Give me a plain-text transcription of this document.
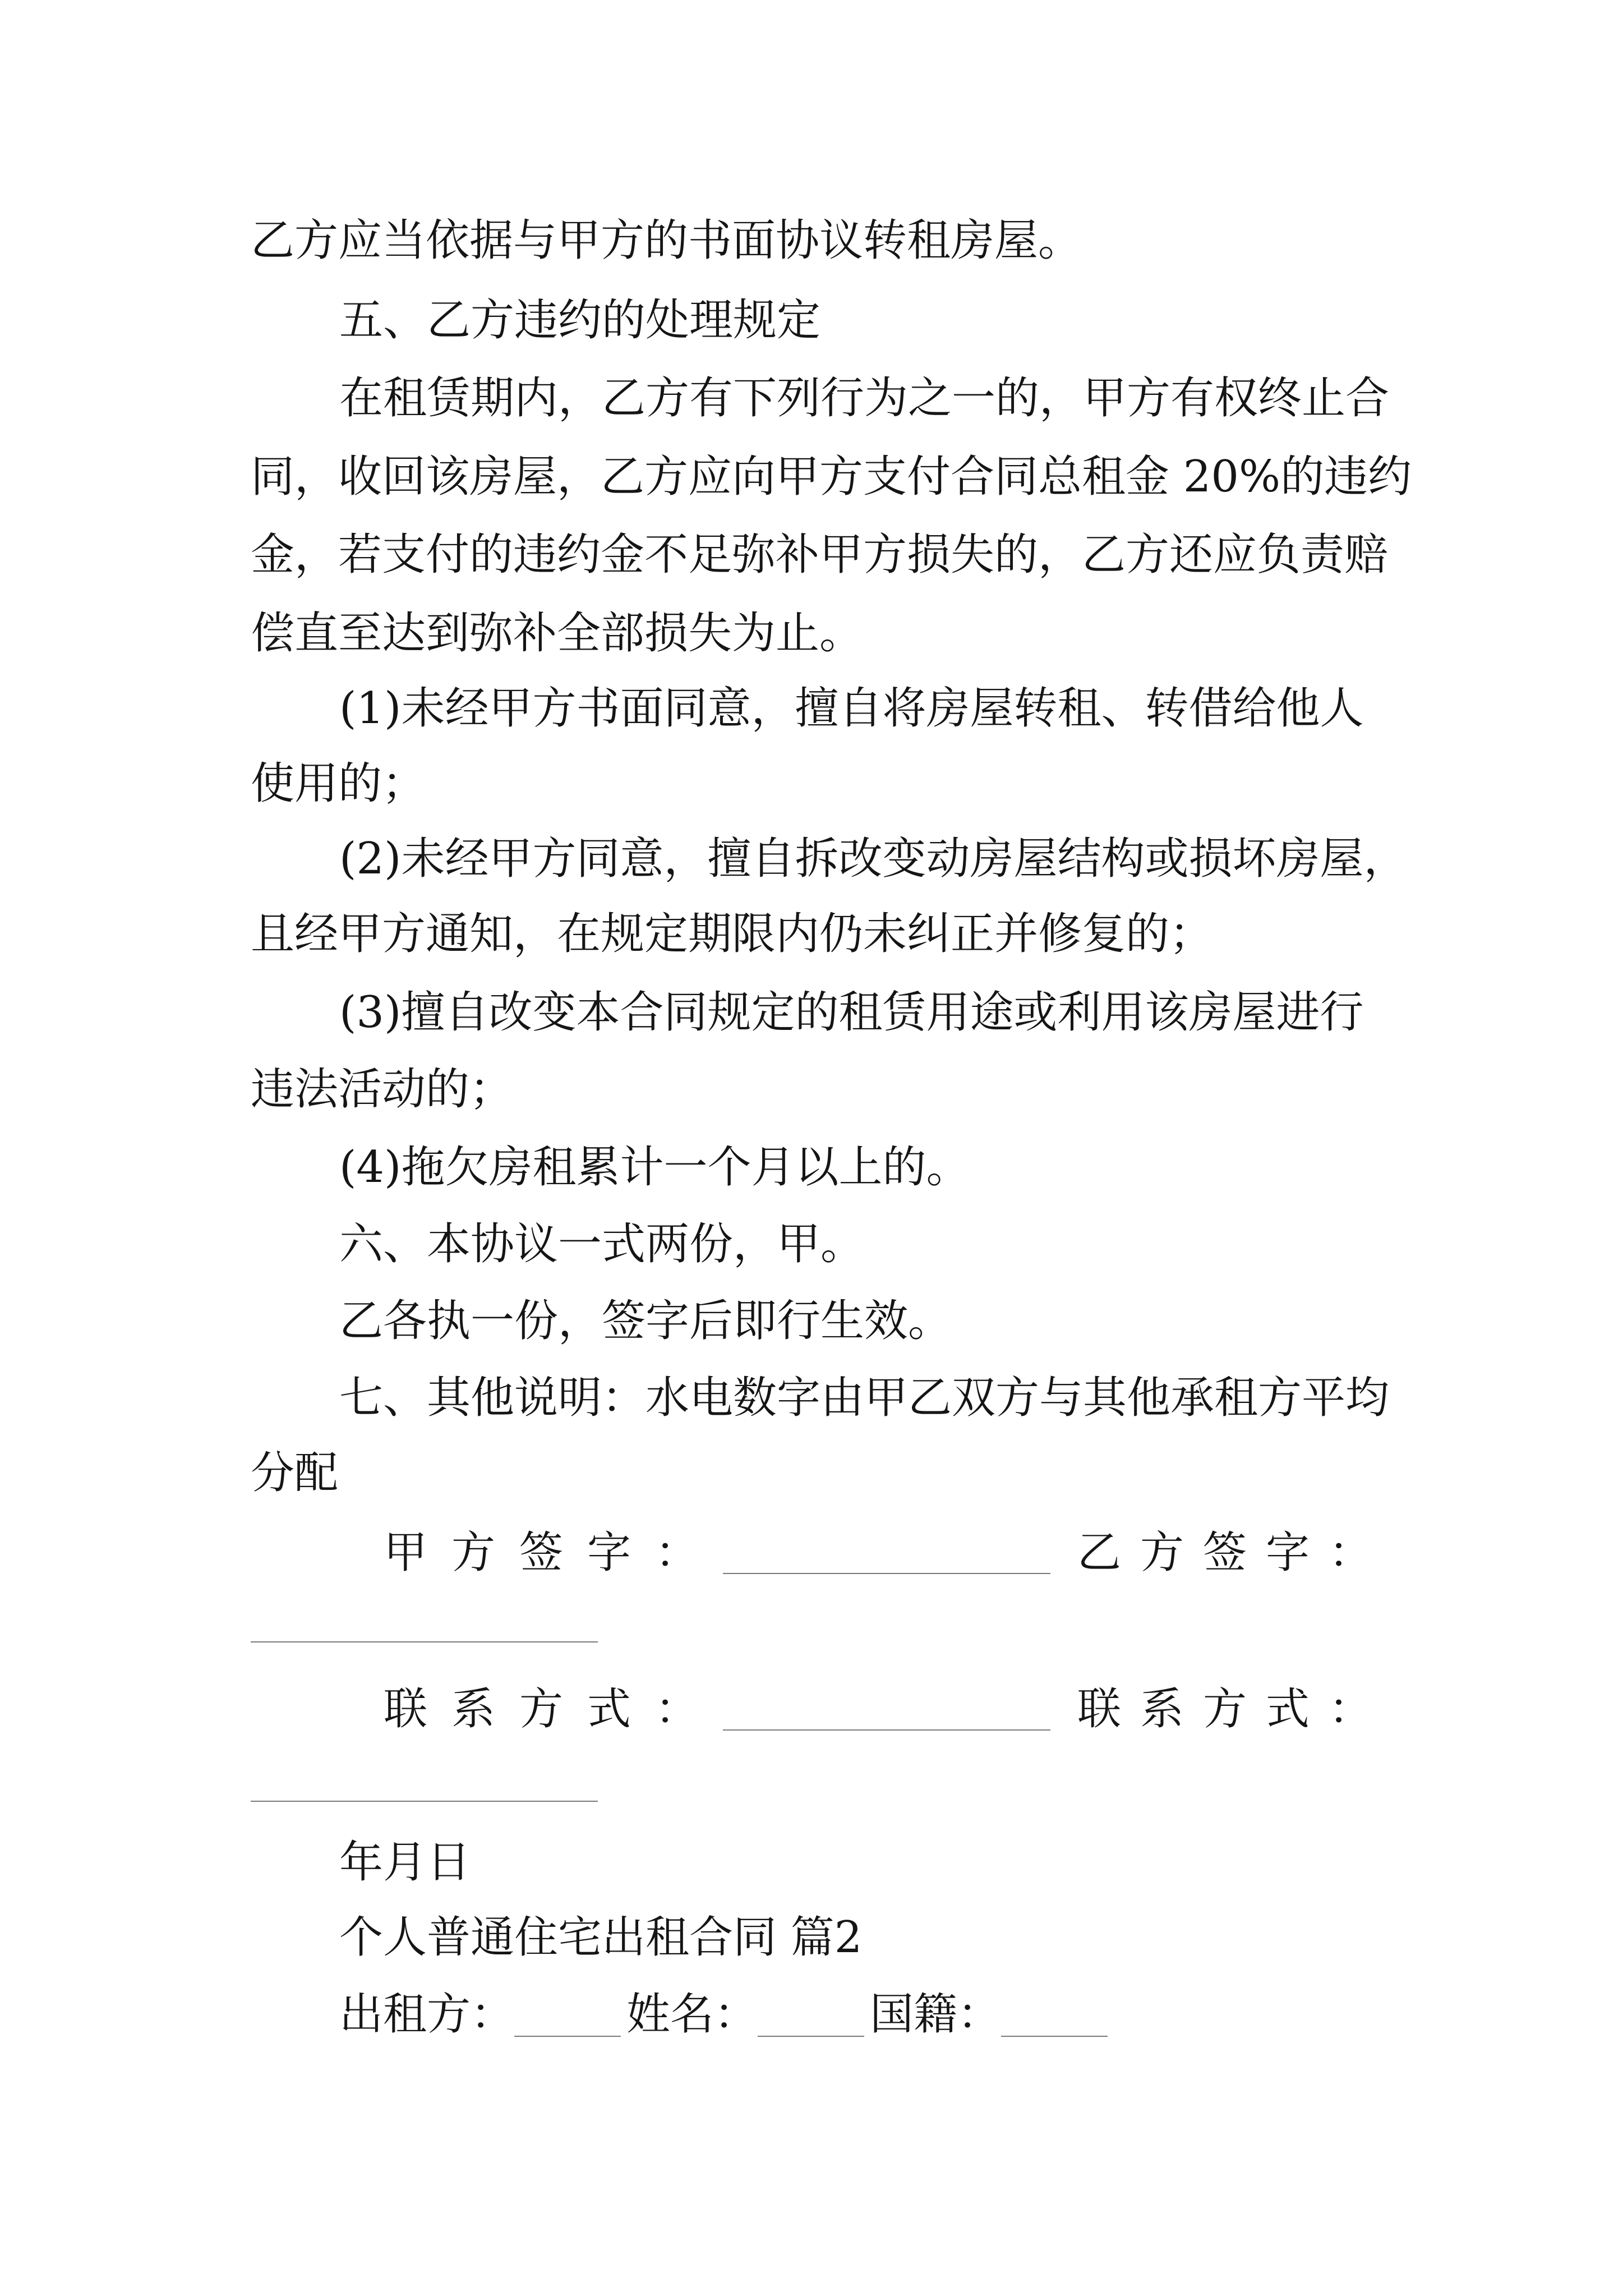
乙方应当依据与甲方的书面协议转租房屋。
五、乙方违约的处理规定
在租赁期内，乙方有下列行为之一的，甲方有权终止合
同，收回该房屋，乙方应向甲方支付合同总租金 20%的违约
金，若支付的违约金不足弥补甲方损失的，乙方还应负责赔
偿直至达到弥补全部损失为止。
(1)未经甲方书面同意，擅自将房屋转租、转借给他人
使用的；
(2)未经甲方同意，擅自拆改变动房屋结构或损坏房屋，
且经甲方通知，在规定期限内仍未纠正并修复的；
(3)擅自改变本合同规定的租赁用途或利用该房屋进行
违法活动的；
(4)拖欠房租累计一个月以上的。
六、本协议一式两份，甲。
乙各执一份，签字后即行生效。
七、其他说明：水电数字由甲乙双方与其他承租方平均
分配
甲方签字：	乙方签字：
联系方式：	联系方式：
年月日
个人普通住宅出租合同 篇2
出租方：	姓名：	国籍：
